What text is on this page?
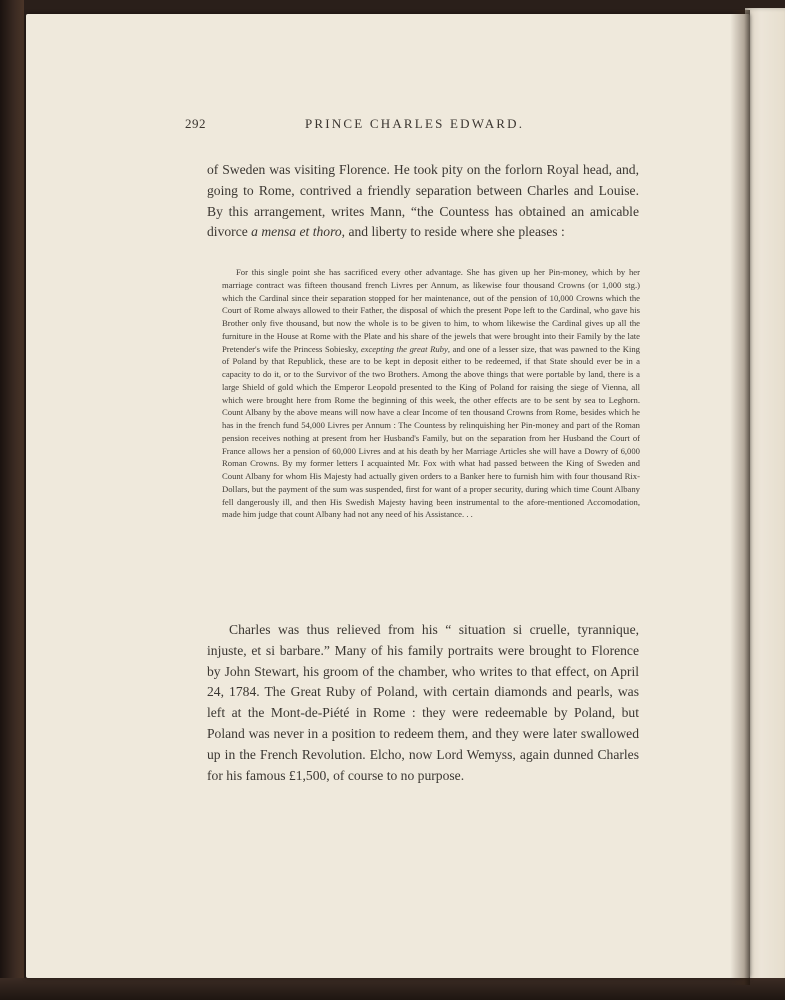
292	PRINCE CHARLES EDWARD.

of Sweden was visiting Florence. He took pity on the forlorn Royal head, and, going to Rome, contrived a friendly separation between Charles and Louise. By this arrangement, writes Mann, “the Countess has obtained an amicable divorce a mensa et thoro, and liberty to reside where she pleases :

For this single point she has sacrificed every other advantage. She has given up her Pin-money, which by her marriage contract was fifteen thousand french Livres per Annum, as likewise four thousand Crowns (or 1,000 stg.) which the Cardinal since their separation stopped for her maintenance, out of the pension of 10,000 Crowns which the Court of Rome always allowed to their Father, the disposal of which the present Pope left to the Cardinal, who gave his Brother only five thousand, but now the whole is to be given to him, to whom likewise the Cardinal gives up all the furniture in the House at Rome with the Plate and his share of the jewels that were brought into their Family by the late Pretender's wife the Princess Sobiesky, excepting the great Ruby, and one of a lesser size, that was pawned to the King of Poland by that Republick, these are to be kept in deposit either to be redeemed, if that State should ever be in a capacity to do it, or to the Survivor of the two Brothers. Among the above things that were portable by land, there is a large Shield of gold which the Emperor Leopold presented to the King of Poland for raising the siege of Vienna, all which were brought here from Rome the beginning of this week, the other effects are to be sent by sea to Leghorn. Count Albany by the above means will now have a clear Income of ten thousand Crowns from Rome, besides which he has in the french fund 54,000 Livres per Annum : The Countess by relinquishing her Pin-money and part of the Roman pension receives nothing at present from her Husband's Family, but on the separation from her Husband the Court of France allows her a pension of 60,000 Livres and at his death by her Marriage Articles she will have a Dowry of 6,000 Roman Crowns. By my former letters I acquainted Mr. Fox with what had passed between the King of Sweden and Count Albany for whom His Majesty had actually given orders to a Banker here to furnish him with four thousand Rix-Dollars, but the payment of the sum was suspended, first for want of a proper security, during which time Count Albany fell dangerously ill, and then His Swedish Majesty having been instrumental to the afore-mentioned Accomodation, made him judge that count Albany had not any need of his Assistance. . .

Charles was thus relieved from his “ situation si cruelle, tyrannique, injuste, et si barbare.” Many of his family portraits were brought to Florence by John Stewart, his groom of the chamber, who writes to that effect, on April 24, 1784. The Great Ruby of Poland, with certain diamonds and pearls, was left at the Mont-de-Piété in Rome : they were redeemable by Poland, but Poland was never in a position to redeem them, and they were later swallowed up in the French Revolution. Elcho, now Lord Wemyss, again dunned Charles for his famous £1,500, of course to no purpose.
